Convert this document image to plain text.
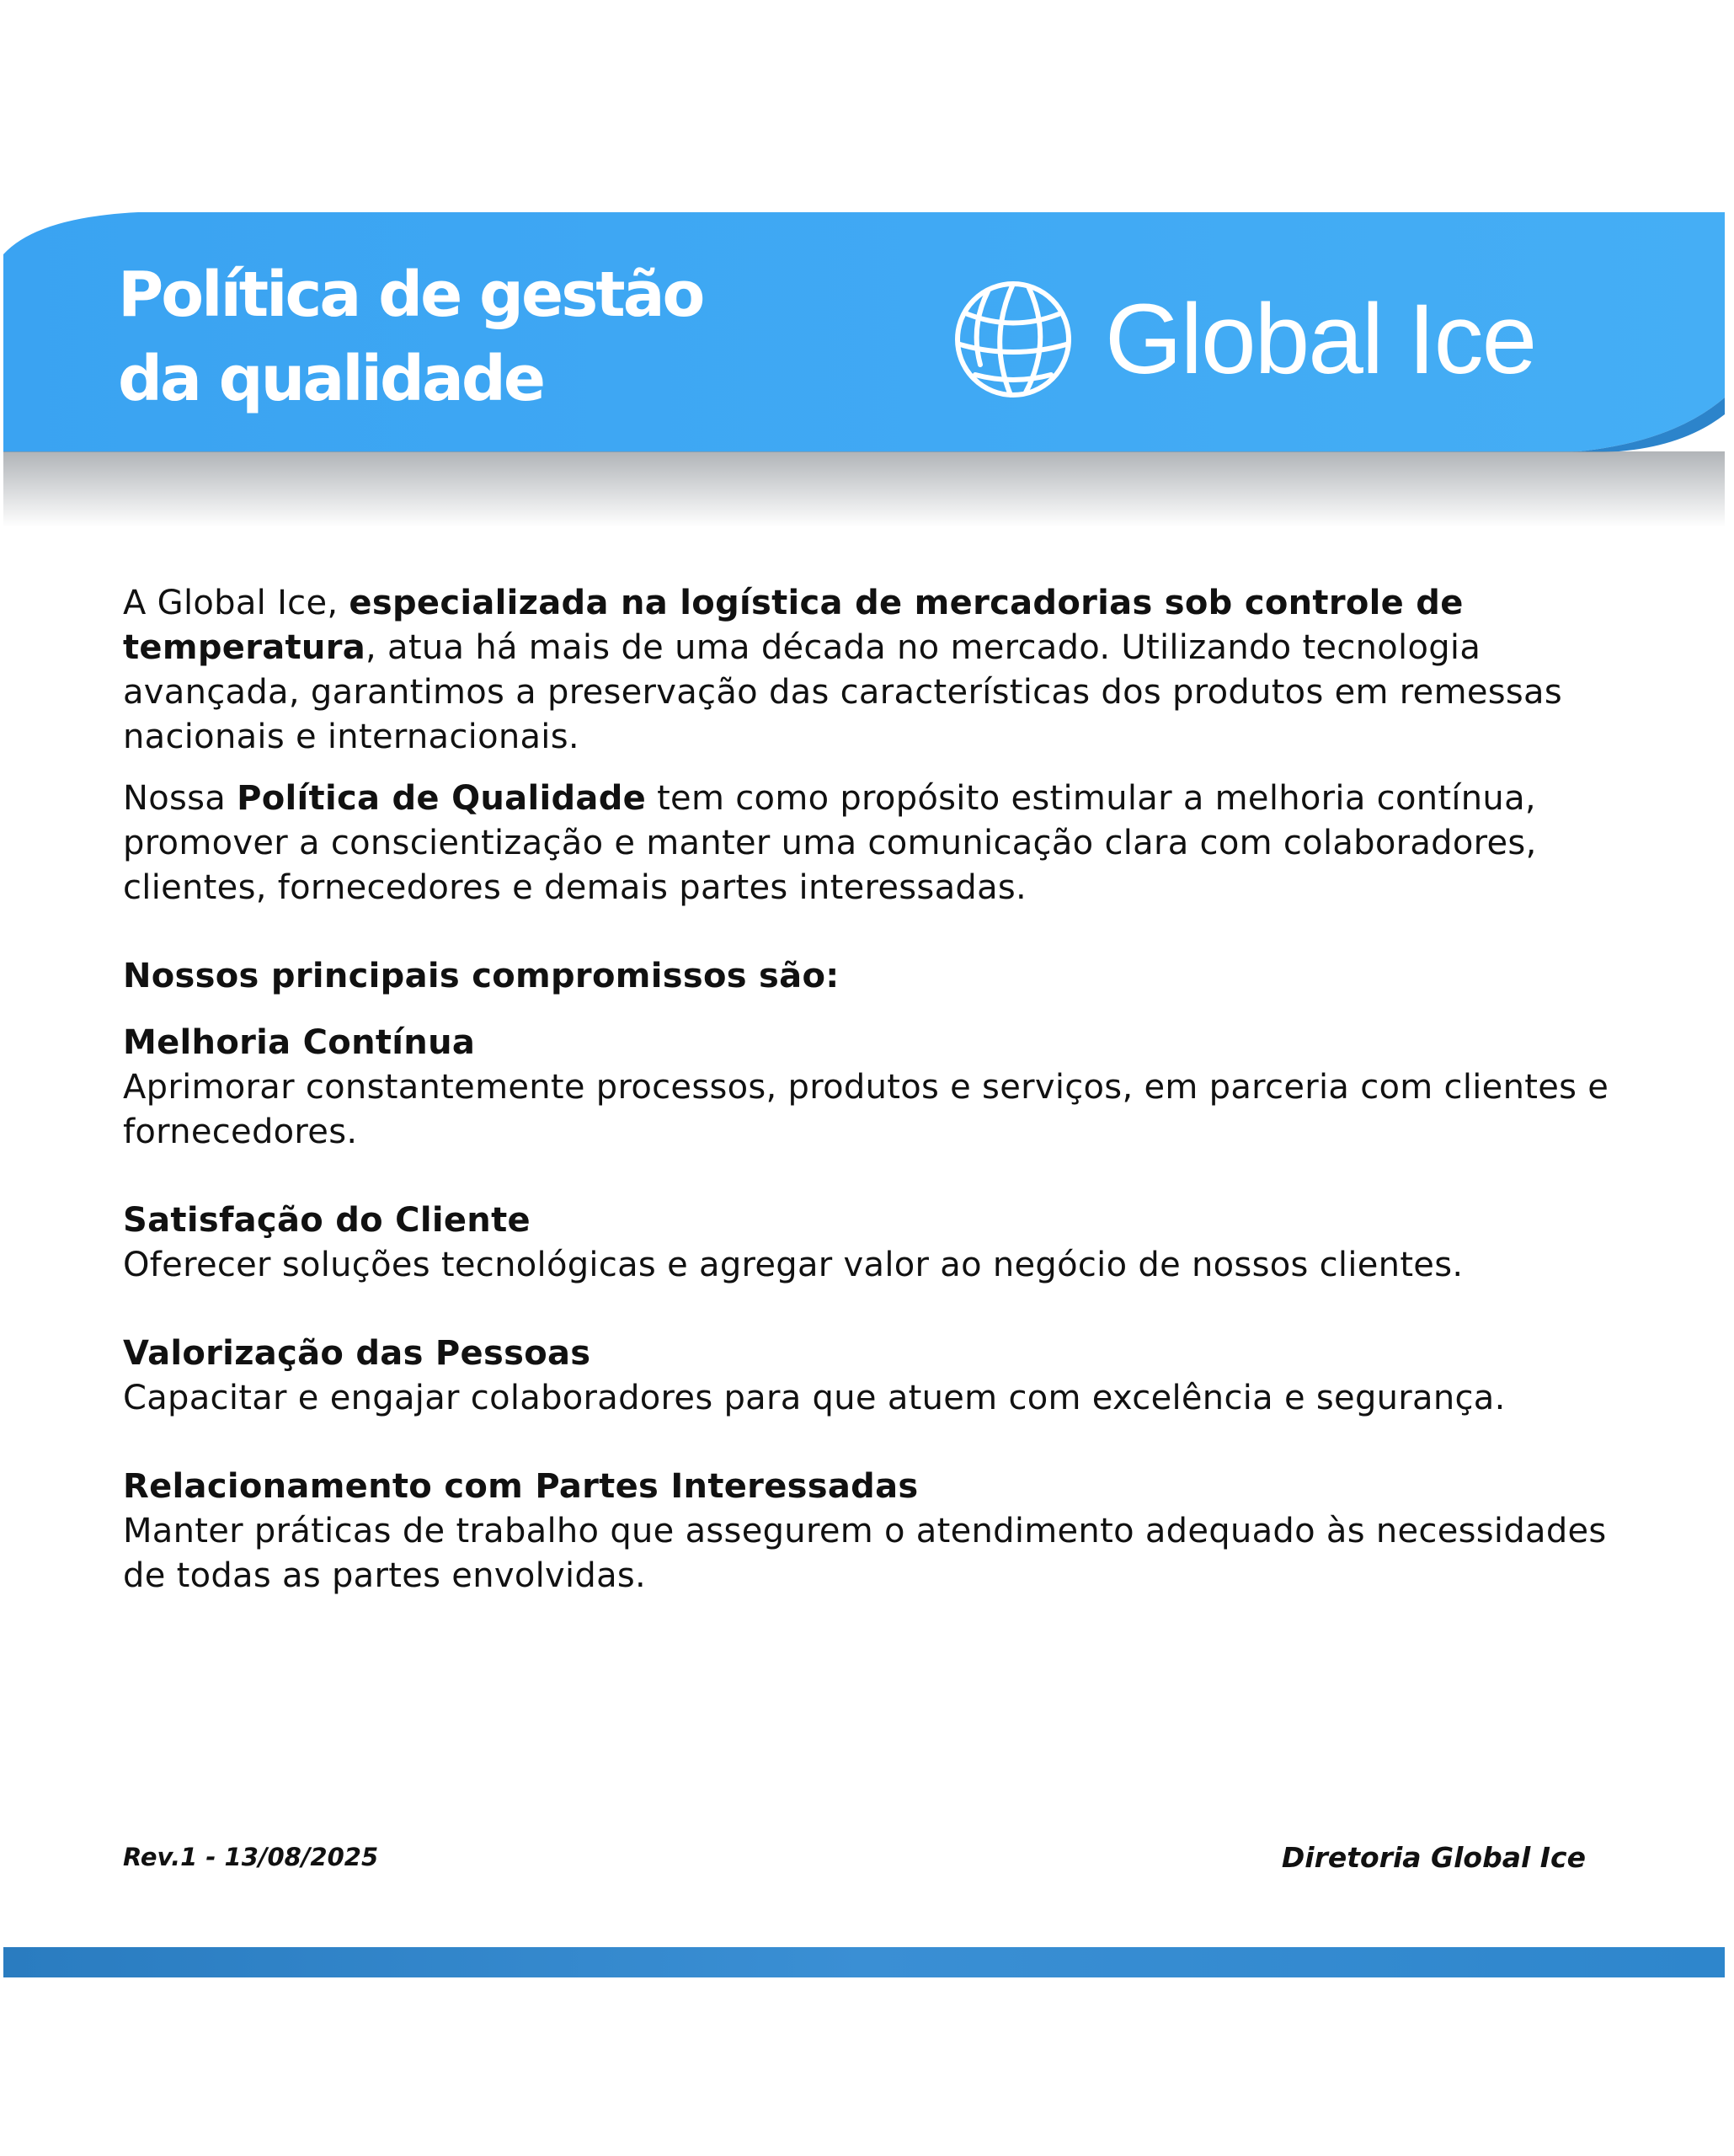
Política de gestão
da qualidade	Global Ice

A Global Ice, especializada na logística de mercadorias sob controle de temperatura, atua há mais de uma década no mercado. Utilizando tecnologia avançada, garantimos a preservação das características dos produtos em remessas nacionais e internacionais.

Nossa Política de Qualidade tem como propósito estimular a melhoria contínua, promover a conscientização e manter uma comunicação clara com colaboradores, clientes, fornecedores e demais partes interessadas.

Nossos principais compromissos são:

Melhoria Contínua
Aprimorar constantemente processos, produtos e serviços, em parceria com clientes e fornecedores.
Satisfação do Cliente
Oferecer soluções tecnológicas e agregar valor ao negócio de nossos clientes.
Valorização das Pessoas
Capacitar e engajar colaboradores para que atuem com excelência e segurança.
Relacionamento com Partes Interessadas
Manter práticas de trabalho que assegurem o atendimento adequado às necessidades de todas as partes envolvidas.
Rev.1 - 13/08/2025	Diretoria Global Ice
